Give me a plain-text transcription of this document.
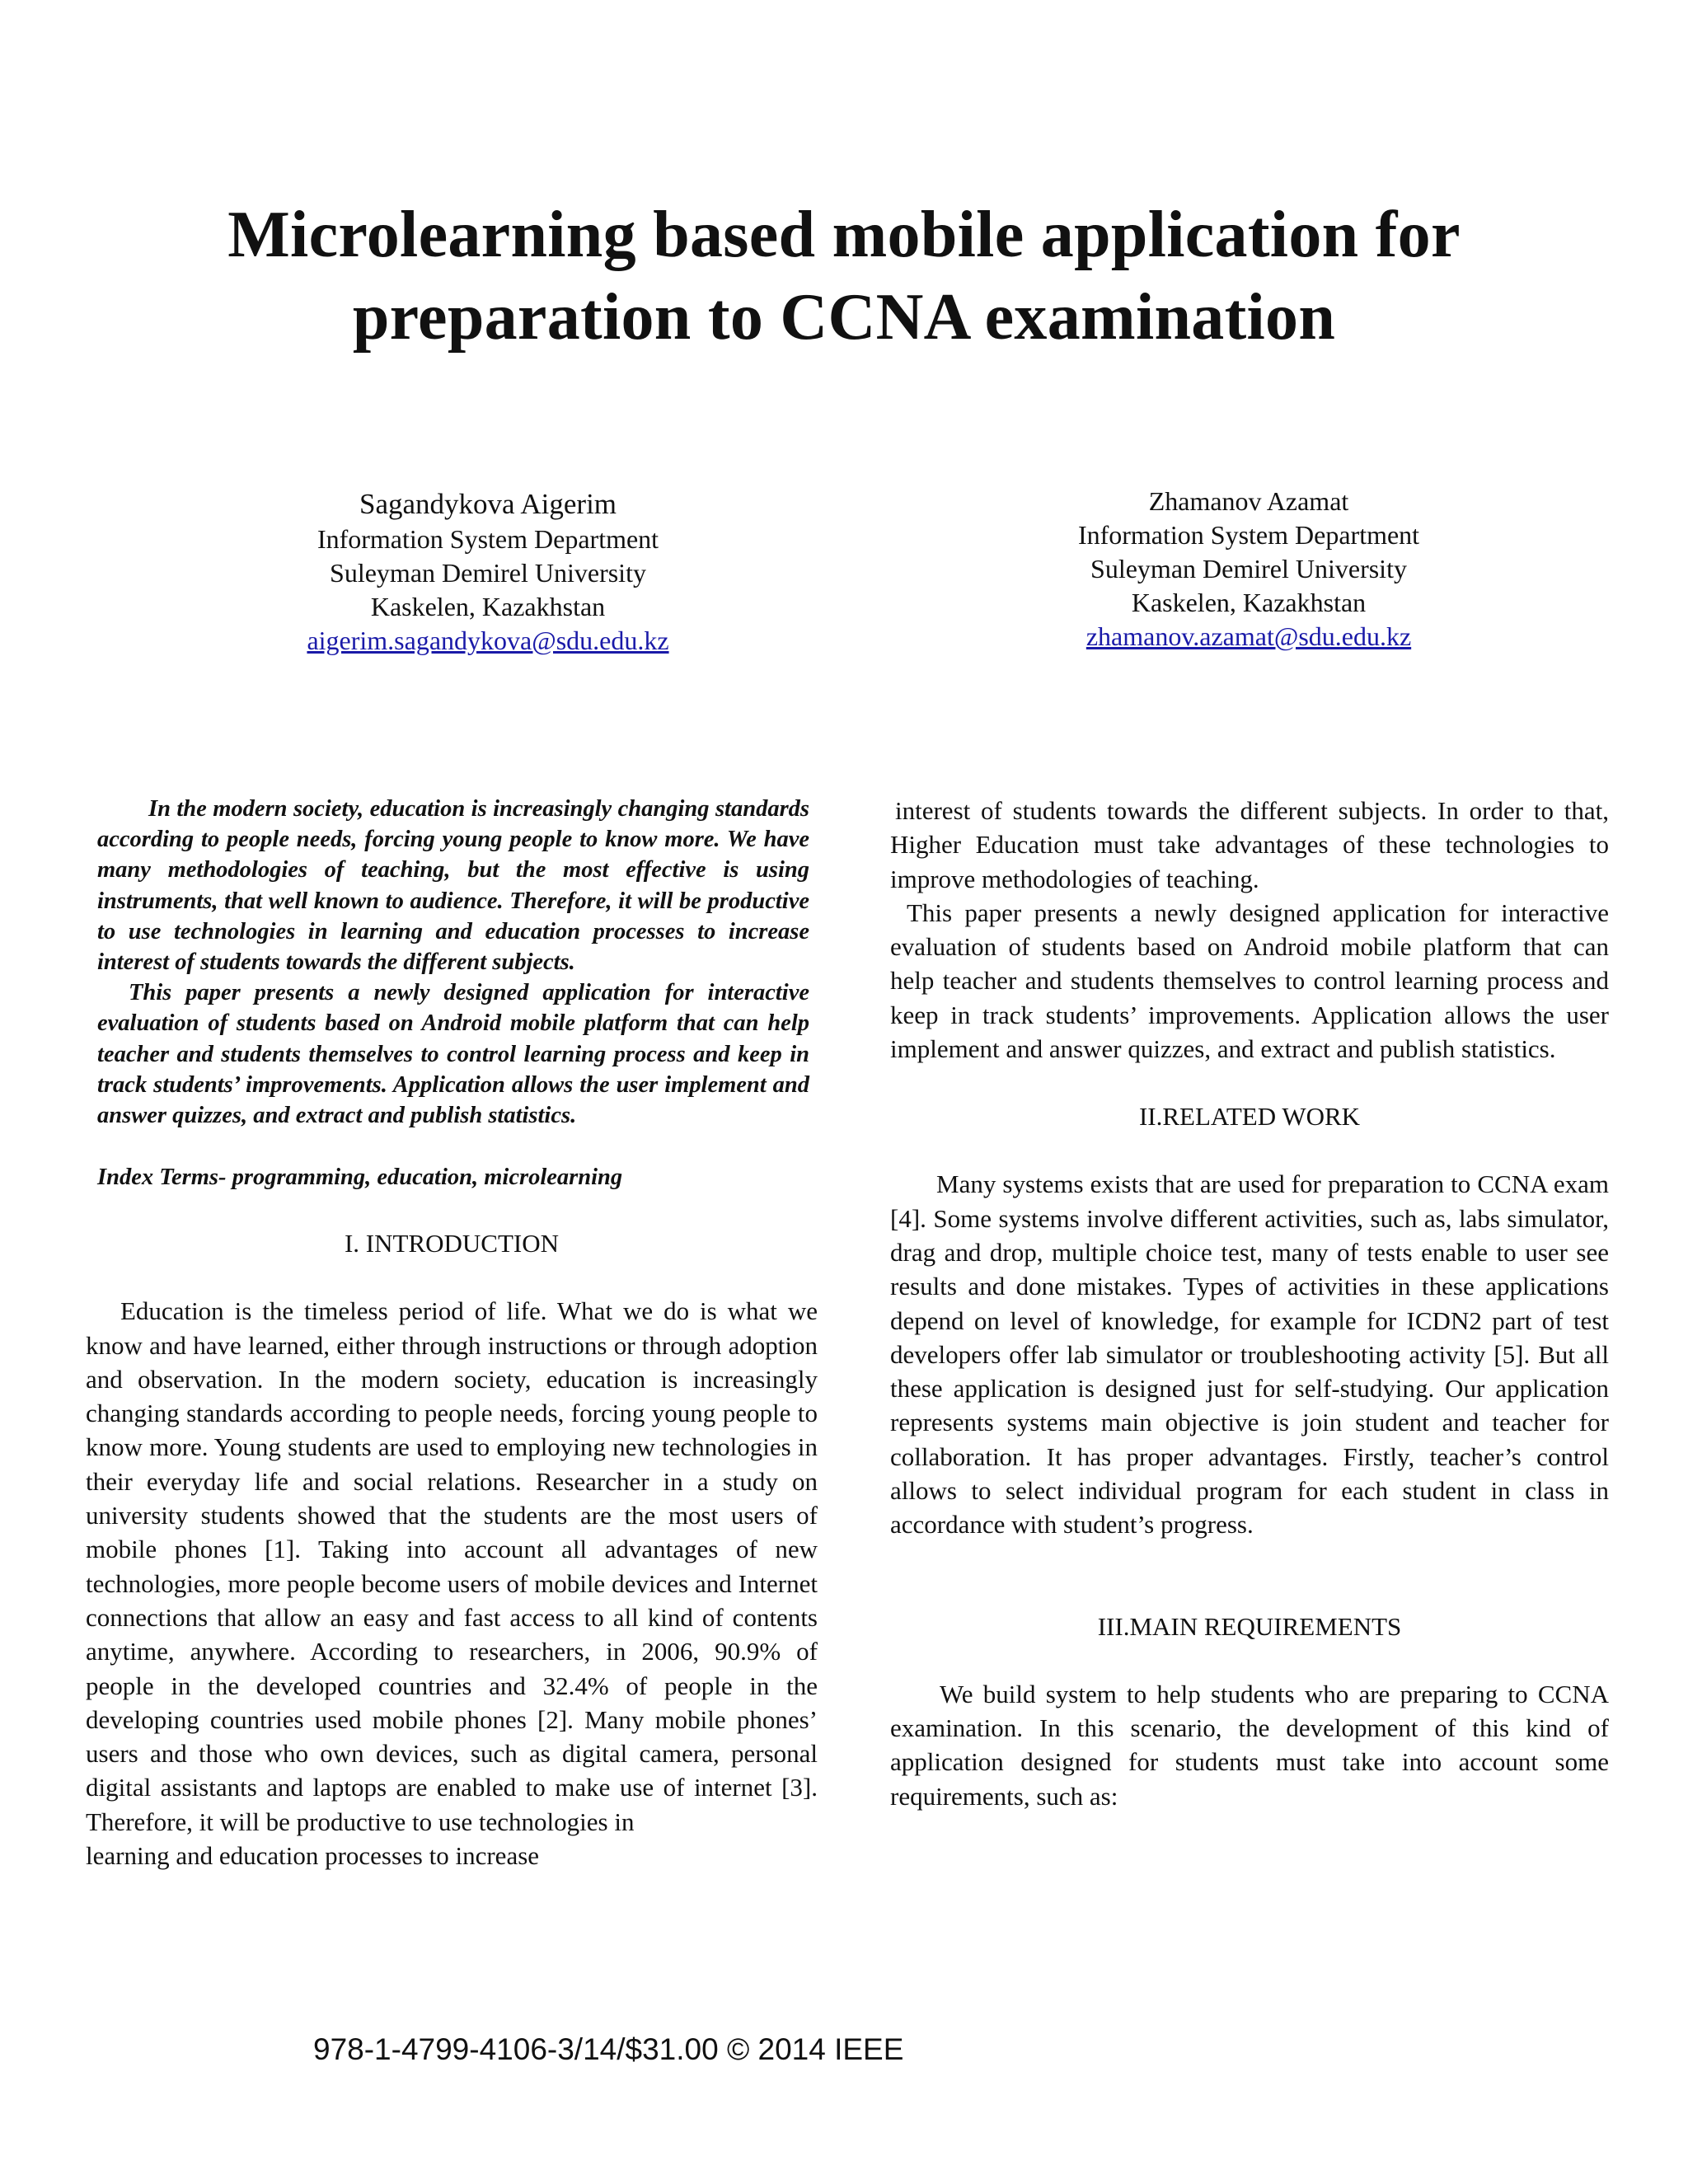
Microlearning based mobile application for
preparation to CCNA examination
Sagandykova Aigerim
Information System Department
Suleyman Demirel University
Kaskelen, Kazakhstan
aigerim.sagandykova@sdu.edu.kz
Zhamanov Azamat
Information System Department
Suleyman Demirel University
Kaskelen, Kazakhstan
zhamanov.azamat@sdu.edu.kz

In the modern society, education is increasingly changing standards according to people needs, forcing young people to know more. We have many methodologies of teaching, but the most effective is using instruments, that well known to audience. Therefore, it will be productive to use technologies in learning and education processes to increase interest of students towards the different subjects.

This paper presents a newly designed application for interactive evaluation of students based on Android mobile platform that can help teacher and students themselves to control learning process and keep in track students’ improvements. Application allows the user implement and answer quizzes, and extract and publish statistics.

Index Terms- programming, education, microlearning
I. INTRODUCTION

Education is the timeless period of life. What we do is what we know and have learned, either through instructions or through adoption and observation. In the modern society, education is increasingly changing standards according to people needs, forcing young people to know more. Young students are used to employing new technologies in their everyday life and social relations. Researcher in a study on university students showed that the students are the most users of mobile phones [1]. Taking into account all advantages of new technologies, more people become users of mobile devices and Internet connections that allow an easy and fast access to all kind of contents anytime, anywhere. According to researchers, in 2006, 90.9% of people in the developed countries and 32.4% of people in the developing countries used mobile phones [2]. Many mobile phones’ users and those who own devices, such as digital camera, personal digital assistants and laptops are enabled to make use of internet [3]. Therefore, it will be productive to use technologies in

learning and education processes to increase

interest of students towards the different subjects. In order to that, Higher Education must take advantages of these technologies to improve methodologies of teaching.

This paper presents a newly designed application for interactive evaluation of students based on Android mobile platform that can help teacher and students themselves to control learning process and keep in track students’ improvements. Application allows the user implement and answer quizzes, and extract and publish statistics.

II.RELATED WORK

Many systems exists that are used for preparation to CCNA exam [4]. Some systems involve different activities, such as, labs simulator, drag and drop, multiple choice test, many of tests enable to user see results and done mistakes. Types of activities in these applications depend on level of knowledge, for example for ICDN2 part of test developers offer lab simulator or troubleshooting activity [5]. But all these application is designed just for self-studying. Our application represents systems main objective is join student and teacher for collaboration. It has proper advantages. Firstly, teacher’s control allows to select individual program for each student in class in accordance with student’s progress.

III.MAIN REQUIREMENTS

We build system to help students who are preparing to CCNA examination. In this scenario, the development of this kind of application designed for students must take into account some requirements, such as:

978-1-4799-4106-3/14/$31.00 © 2014 IEEE
